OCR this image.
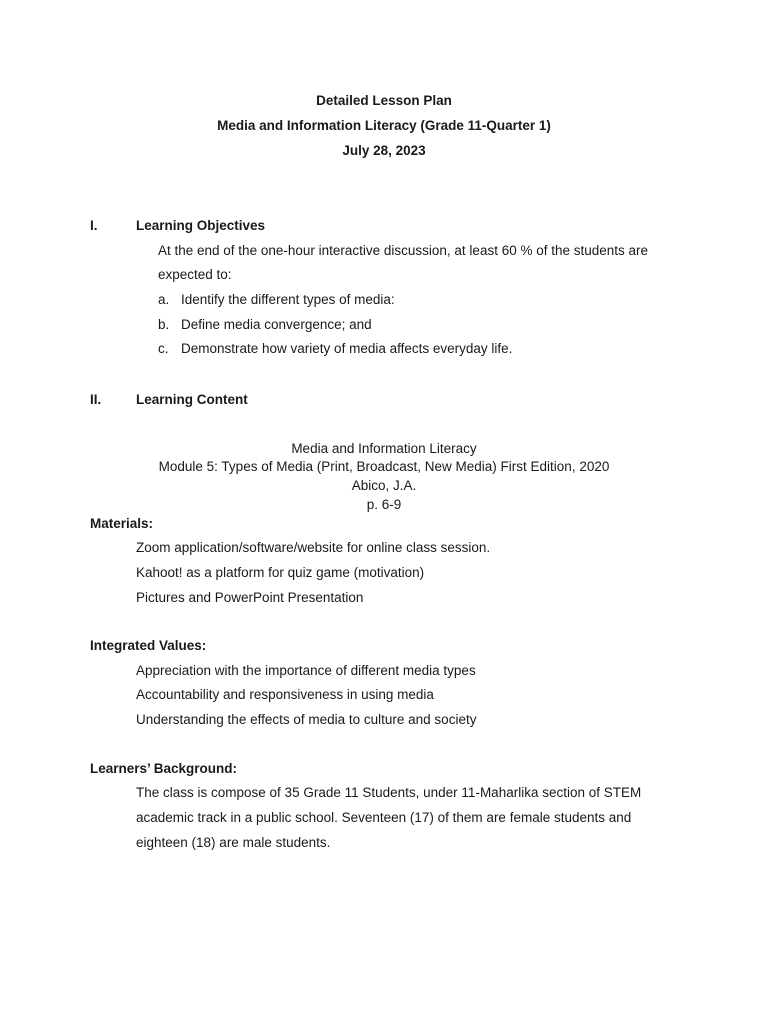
Detailed Lesson Plan
Media and Information Literacy (Grade 11-Quarter 1)
July 28, 2023
I.	Learning Objectives
At the end of the one-hour interactive discussion, at least 60 % of the students are
expected to:
a. Identify the different types of media:
b. Define media convergence; and
c. Demonstrate how variety of media affects everyday life.
II.	Learning Content
Media and Information Literacy
Module 5: Types of Media (Print, Broadcast, New Media) First Edition, 2020
Abico, J.A.
p. 6-9
Materials:
Zoom application/software/website for online class session.
Kahoot! as a platform for quiz game (motivation)
Pictures and PowerPoint Presentation
Integrated Values:
Appreciation with the importance of different media types
Accountability and responsiveness in using media
Understanding the effects of media to culture and society
Learners’ Background:
The class is compose of 35 Grade 11 Students, under 11-Maharlika section of STEM
academic track in a public school. Seventeen (17) of them are female students and
eighteen (18) are male students.
